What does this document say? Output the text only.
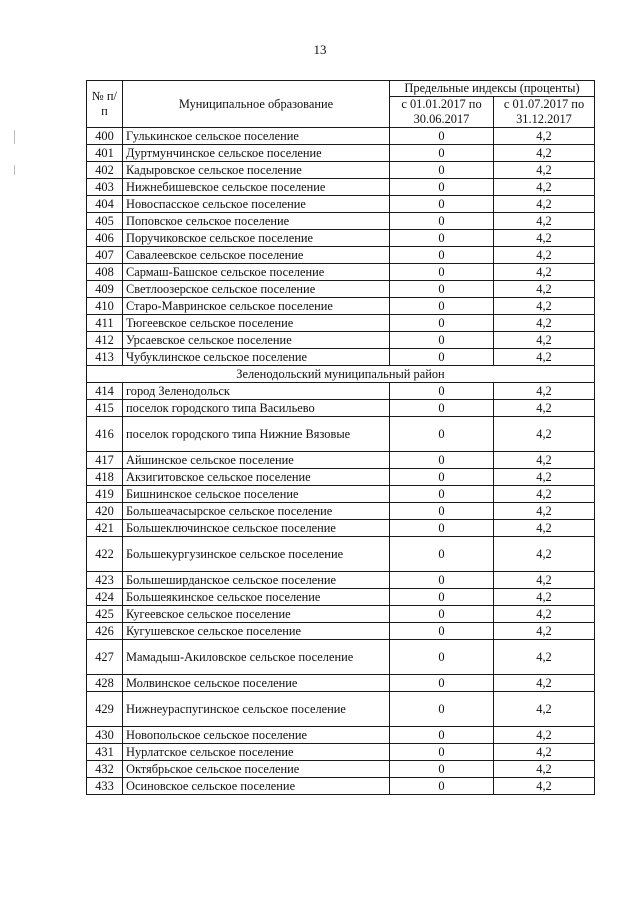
13
№ п/п	Муниципальное образование	Предельные индексы (проценты)	
		с 01.01.2017 по 30.06.2017	с 01.07.2017 по 31.12.2017
400	Гулькинское сельское поселение	0	4,2
401	Дуртмунчинское сельское поселение	0	4,2
402	Кадыровское сельское поселение	0	4,2
403	Нижнебишевское сельское поселение	0	4,2
404	Новоспасское сельское поселение	0	4,2
405	Поповское сельское поселение	0	4,2
406	Поручиковское сельское поселение	0	4,2
407	Савалеевское сельское поселение	0	4,2
408	Сармаш-Башское сельское поселение	0	4,2
409	Светлоозерское сельское поселение	0	4,2
410	Старо-Мавринское сельское поселение	0	4,2
411	Тюгеевское сельское поселение	0	4,2
412	Урсаевское сельское поселение	0	4,2
413	Чубуклинское сельское поселение	0	4,2
Зеленодольский муниципальный район			
414	город Зеленодольск	0	4,2
415	поселок городского типа Васильево	0	4,2
416	поселок городского типа Нижние Вязовые	0	4,2
417	Айшинское сельское поселение	0	4,2
418	Акзигитовское сельское поселение	0	4,2
419	Бишнинское сельское поселение	0	4,2
420	Большеачасырское сельское поселение	0	4,2
421	Большеключинское сельское поселение	0	4,2
422	Большекургузинское сельское поселение	0	4,2
423	Большеширданское сельское поселение	0	4,2
424	Большеякинское сельское поселение	0	4,2
425	Кугеевское сельское поселение	0	4,2
426	Кугушевское сельское поселение	0	4,2
427	Мамадыш-Акиловское сельское поселение	0	4,2
428	Молвинское сельское поселение	0	4,2
429	Нижнеураспугинское сельское поселение	0	4,2
430	Новопольское сельское поселение	0	4,2
431	Нурлатское сельское поселение	0	4,2
432	Октябрьское сельское поселение	0	4,2
433	Осиновское сельское поселение	0	4,2
